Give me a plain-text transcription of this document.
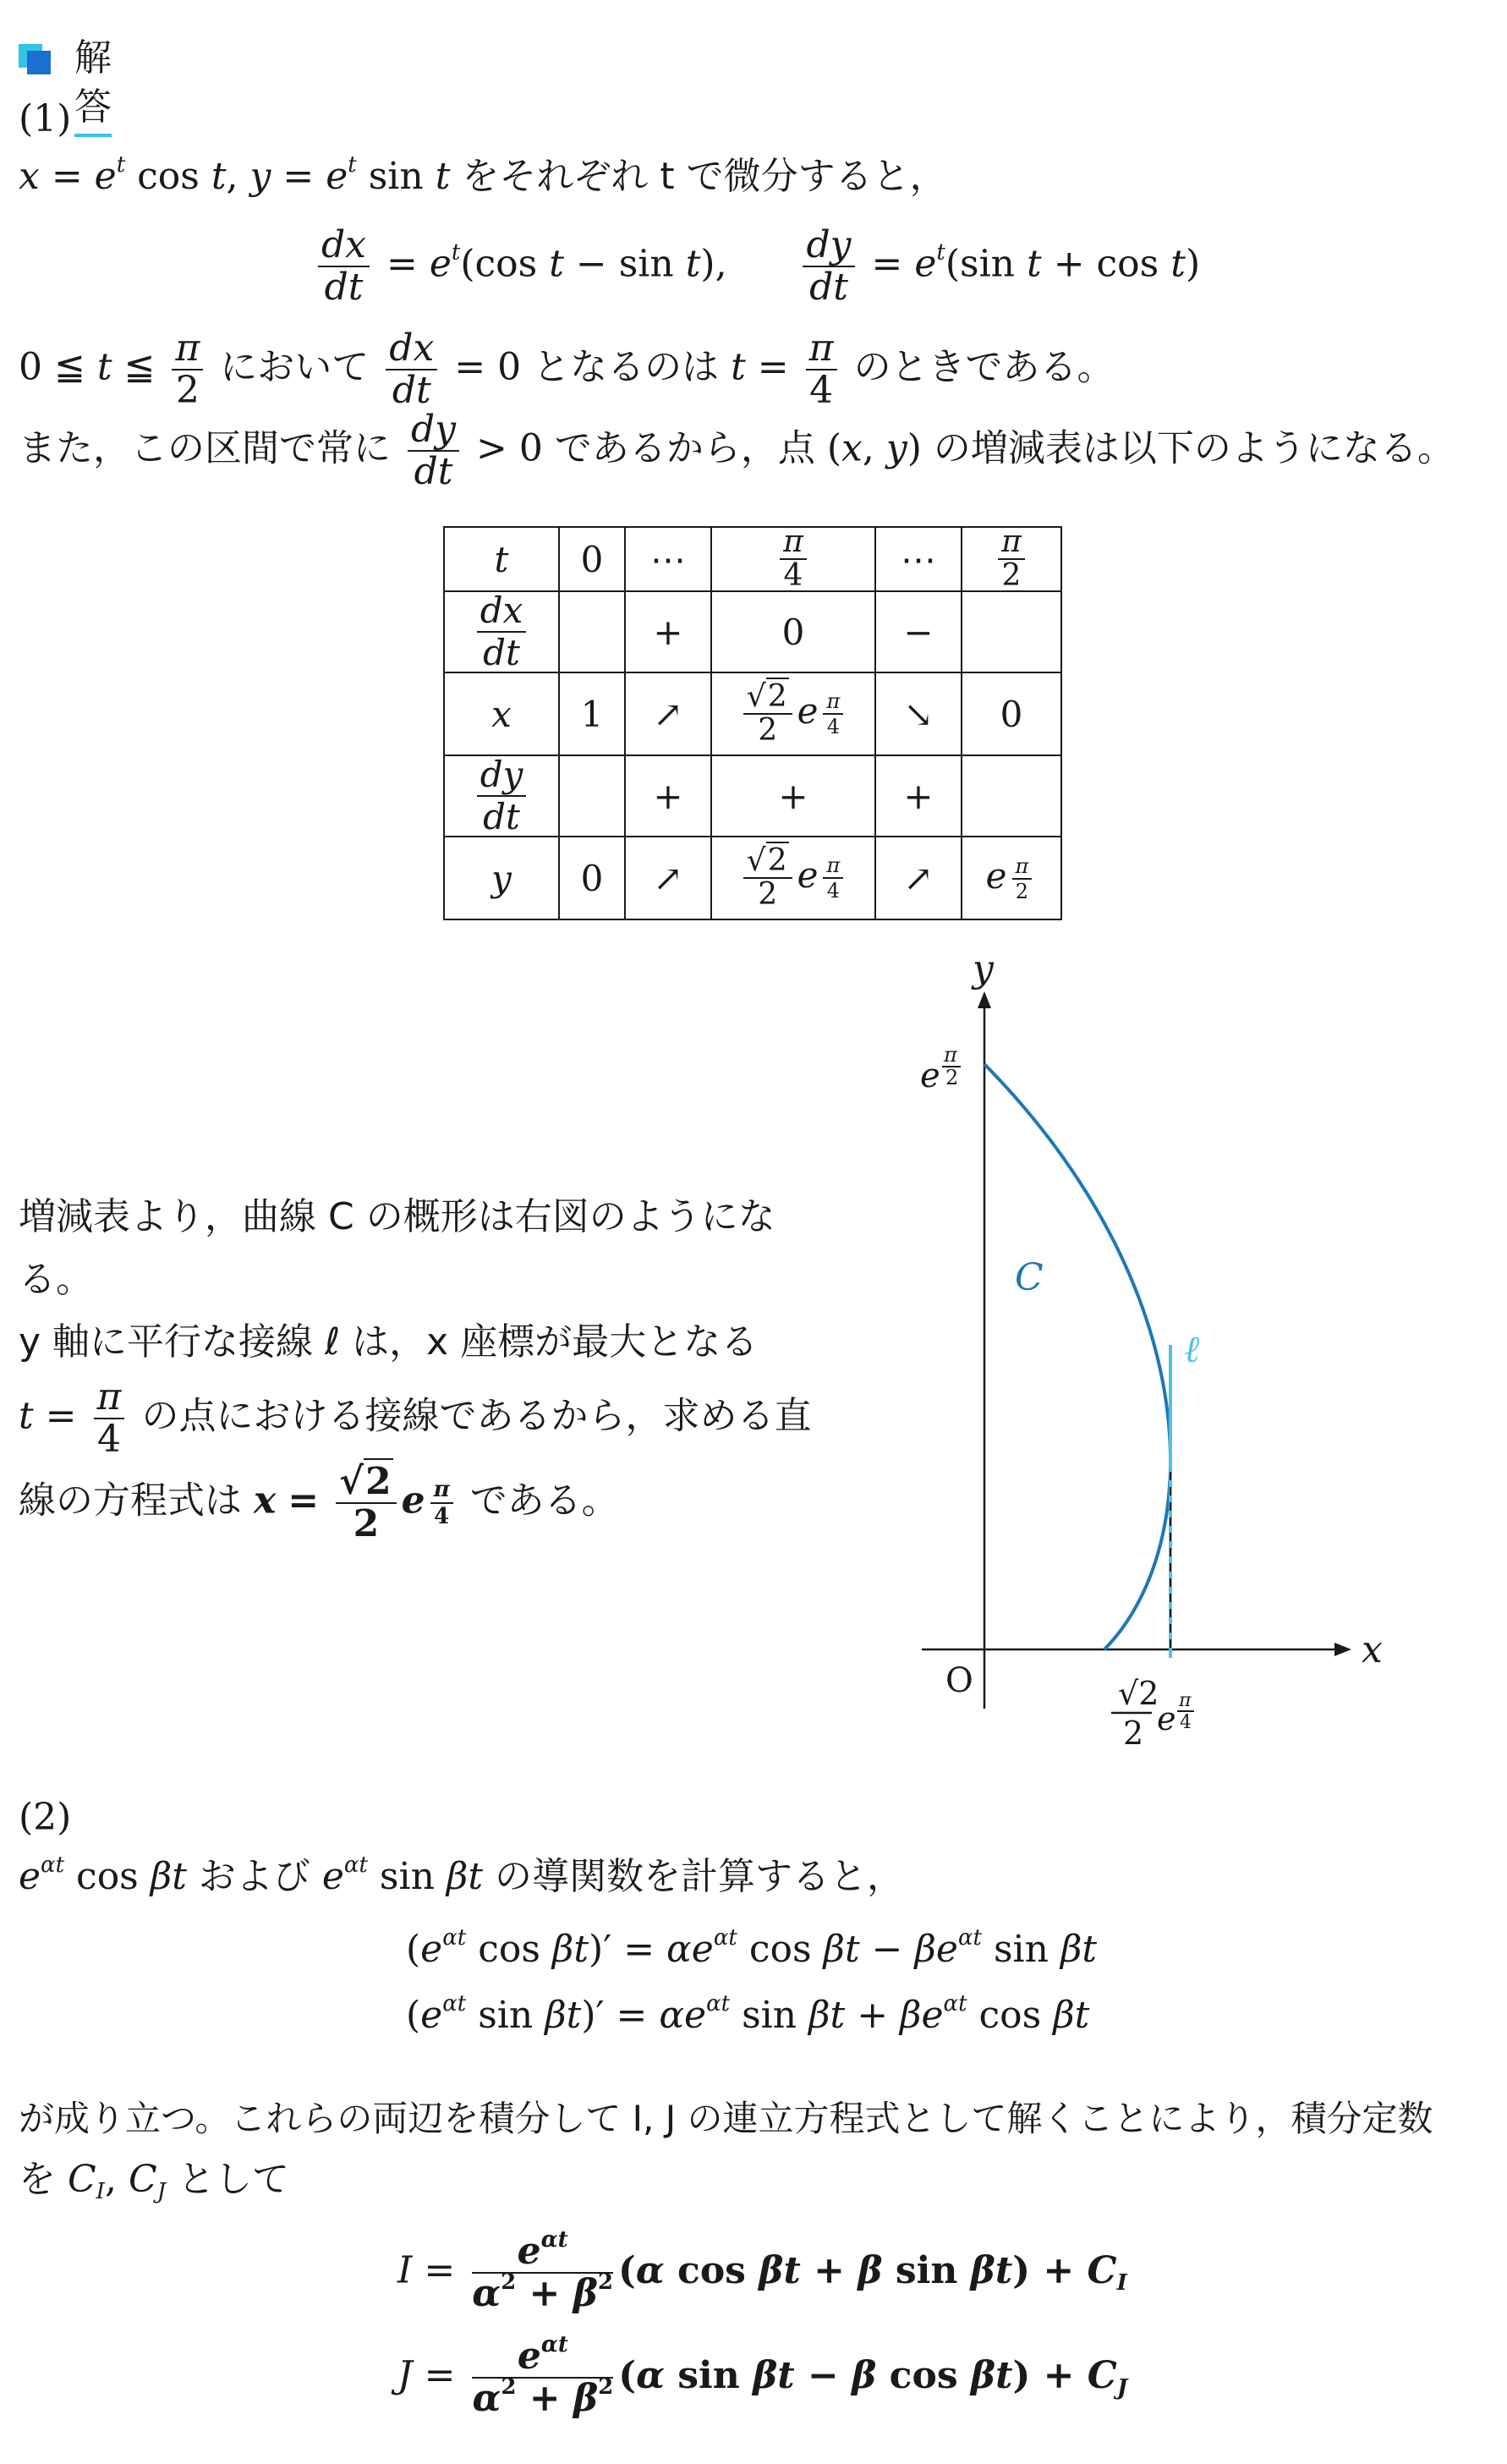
解答
(1)
$x = e^t$ cos t, $y = e^t$ sin t をそれぞれ t で微分すると，
$\frac{dx}{dt} = e^t(\cos$ t − sin t), $\frac{dy}{dt} = e^t(\sin$ t + cos t)
0 ≦ t ≦ $\frac{\pi}{2}$ において $\frac{dx}{dt} = 0$ となるのは $t = \frac{\pi}{4}$ のときである。
また，この区間で常に $\frac{dy}{dt} > 0$ であるから，点 (x, y) の増減表は以下のようになる。
t	0	⋯	$\frac{\pi}{4}$	⋯	$\frac{\pi}{2}$

$\frac{dx}{dt}$		+	0	−	
x	1	↗	$\frac{√2}{2}$ e $\frac{\pi}{4}$	↘	0

$\frac{dy}{dt}$		+	+	+	
y	0	↗	$\frac{√2}{2}$ e $\frac{\pi}{4}$	↗	e $\frac{\pi}{2}$
増減表より，曲線 C の概形は右図のようにな
る。
y 軸に平行な接線 ℓ は，x 座標が最大となる
$t = \frac{\pi}{4}$ の点における接線であるから，求める直
線の方程式は $x = \frac{√2}{2}$ e $\frac{\pi}{4}$ である。
y
x
O
C
ℓ
e
π
2
√2
2 e π
4
(2)
$e^{\alpha t}$ cos βt および $e^{\alpha t}$ sin βt の導関数を計算すると，
($e^{\alpha t}$ $\cos \beta t)' = \alpha e^{\alpha t}$ $\cos \beta t - \beta e^{\alpha t}$ sin βt
($e^{\alpha t}$ $\sin \beta t)' = \alpha e^{\alpha t}$ $\sin \beta t + \beta e^{\alpha t}$ cos βt
が成り立つ。これらの両辺を積分して I, J の連立方程式として解くことにより，積分定数
を $C_I$, $C_J$ として
$I = \frac{e^{\alpha t}}{\alpha^2 + \beta^2} (\alpha$ cos βt + β $\sin \beta t) + C_I$
$J = \frac{e^{\alpha t}}{\alpha^2 + \beta^2} (\alpha$ sin βt − β $\cos \beta t) + C_J$
